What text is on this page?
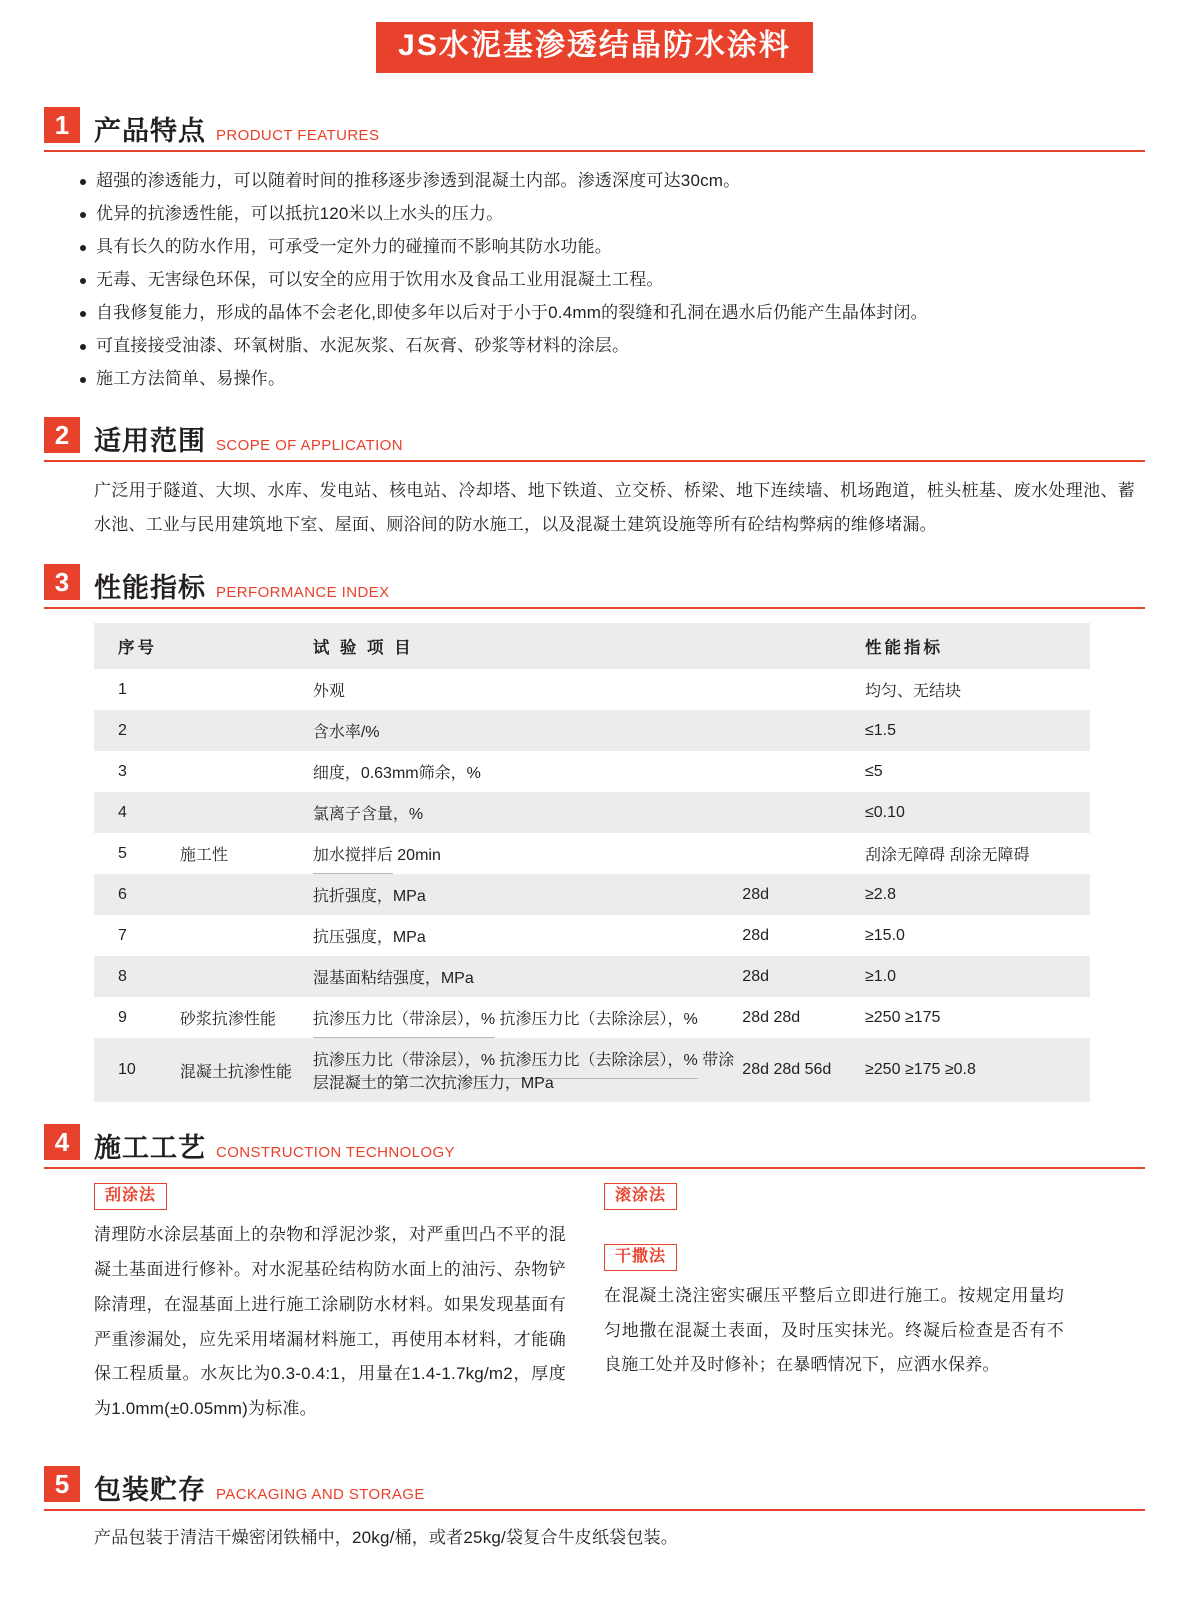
JS水泥基渗透结晶防水涂料
1 产品特点 PRODUCT FEATURES
超强的渗透能力，可以随着时间的推移逐步渗透到混凝土内部。渗透深度可达30cm。
优异的抗渗透性能，可以抵抗120米以上水头的压力。
具有长久的防水作用，可承受一定外力的碰撞而不影响其防水功能。
无毒、无害绿色环保，可以安全的应用于饮用水及食品工业用混凝土工程。
自我修复能力，形成的晶体不会老化,即使多年以后对于小于0.4mm的裂缝和孔洞在遇水后仍能产生晶体封闭。
可直接接受油漆、环氧树脂、水泥灰浆、石灰膏、砂浆等材料的涂层。
施工方法简单、易操作。
2 适用范围 SCOPE OF APPLICATION

广泛用于隧道、大坝、水库、发电站、核电站、冷却塔、地下铁道、立交桥、桥梁、地下连续墙、机场跑道，桩头桩基、废水处理池、蓄水池、工业与民用建筑地下室、屋面、厕浴间的防水施工，以及混凝土建筑设施等所有砼结构弊病的维修堵漏。

3 性能指标 PERFORMANCE INDEX
序号		试 验 项 目		性能指标
1		外观		均匀、无结块
2		含水率/%		≤1.5
3		细度，0.63mm筛余，%		≤5
4		氯离子含量，%		≤0.10
5	施工性	加水搅拌后 20min		刮涂无障碍 刮涂无障碍
6		抗折强度，MPa	28d	≥2.8
7		抗压强度，MPa	28d	≥15.0
8		湿基面粘结强度，MPa	28d	≥1.0
9	砂浆抗渗性能	抗渗压力比（带涂层），% 抗渗压力比（去除涂层），%	28d 28d	≥250 ≥175
10	混凝土抗渗性能	抗渗压力比（带涂层），% 抗渗压力比（去除涂层），% 带涂层混凝土的第二次抗渗压力，MPa	28d 28d 56d	≥250 ≥175 ≥0.8
4 施工工艺 CONSTRUCTION TECHNOLOGY
刮涂法

清理防水涂层基面上的杂物和浮泥沙浆，对严重凹凸不平的混凝土基面进行修补。对水泥基砼结构防水面上的油污、杂物铲除清理，在湿基面上进行施工涂刷防水材料。如果发现基面有严重渗漏处，应先采用堵漏材料施工，再使用本材料，才能确保工程质量。水灰比为0.3-0.4:1，用量在1.4-1.7kg/m2，厚度为1.0mm(±0.05mm)为标准。

滚涂法
干撒法

在混凝土浇注密实碾压平整后立即进行施工。按规定用量均匀地撒在混凝土表面，及时压实抹光。终凝后检查是否有不良施工处并及时修补；在暴晒情况下，应洒水保养。

5 包装贮存 PACKAGING AND STORAGE

产品包装于清洁干燥密闭铁桶中，20kg/桶，或者25kg/袋复合牛皮纸袋包装。
